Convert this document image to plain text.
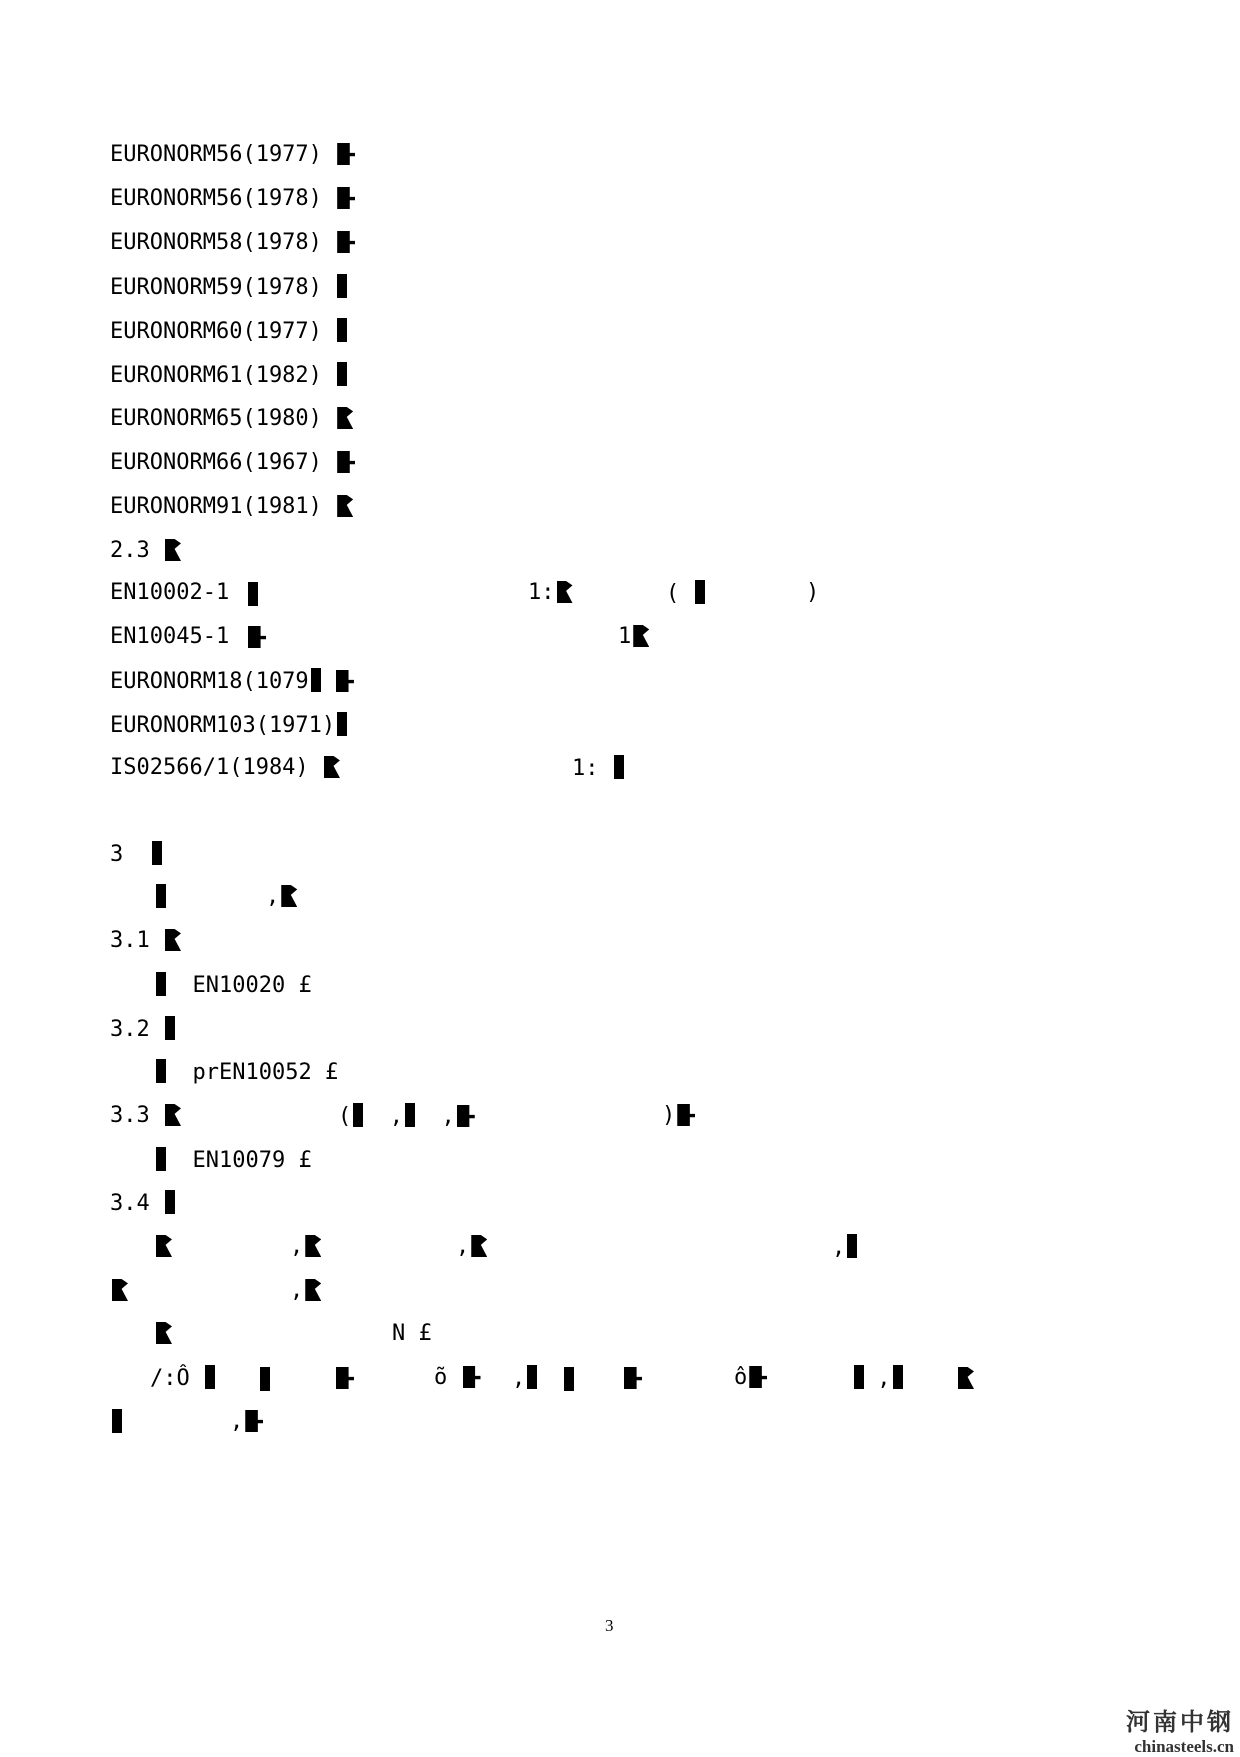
EURONORM56(1977)
EURONORM56(1978)
EURONORM58(1978)
EURONORM59(1978)
EURONORM60(1977)
EURONORM61(1982)
EURONORM65(1980)
EURONORM66(1967)
EURONORM91(1981)
2.3
EN10002-1	1:	(	)
EN10045-1	1
EURONORM18(1079
EURONORM103(1971)
IS02566/1(1984)	1:
3
,
3.1
EN10020 £
3.2
prEN10052 £
3.3	( , ,	)
EN10079 £
3.4
,	,	,
,
N £
/:Ô	õ	,	ô	,
,
3
河南中钢
chinasteels.cn
